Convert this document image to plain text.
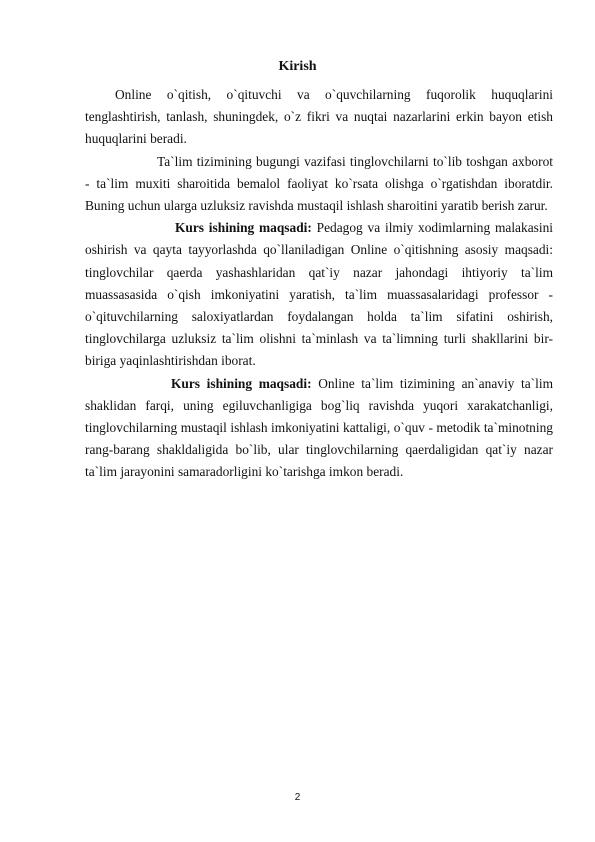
Kirish

Online o`qitish, o`qituvchi va o`quvchilarning fuqorolik huquqlarini tenglashtirish, tanlash, shuningdek, o`z fikri va nuqtai nazarlarini erkin bayon etish huquqlarini beradi.

Ta`lim tizimining bugungi vazifasi tinglovchilarni to`lib toshgan axborot - ta`lim muxiti sharoitida bemalol faoliyat ko`rsata olishga o`rgatishdan iboratdir. Buning uchun ularga uzluksiz ravishda mustaqil ishlash sharoitini yaratib berish zarur.

Kurs ishining maqsadi: Pedagog va ilmiy xodimlarning malakasini oshirish va qayta tayyorlashda qo`llaniladigan Online o`qitishning asosiy maqsadi: tinglovchilar qaerda yashashlaridan qat`iy nazar jahondagi ihtiyoriy ta`lim muassasasida o`qish imkoniyatini yaratish, ta`lim muassasalaridagi professor - o`qituvchilarning saloxiyatlardan foydalangan holda ta`lim sifatini oshirish, tinglovchilarga uzluksiz ta`lim olishni ta`minlash va ta`limning turli shakllarini bir-biriga yaqinlashtirishdan iborat.

Kurs ishining maqsadi: Online ta`lim tizimining an`anaviy ta`lim shaklidan farqi, uning egiluvchanligiga bog`liq ravishda yuqori xarakatchanligi, tinglovchilarning mustaqil ishlash imkoniyatini kattaligi, o`quv - metodik ta`minotning rang-barang shakldaligida bo`lib, ular tinglovchilarning qaerdaligidan qat`iy nazar ta`lim jarayonini samaradorligini ko`tarishga imkon beradi.

2
